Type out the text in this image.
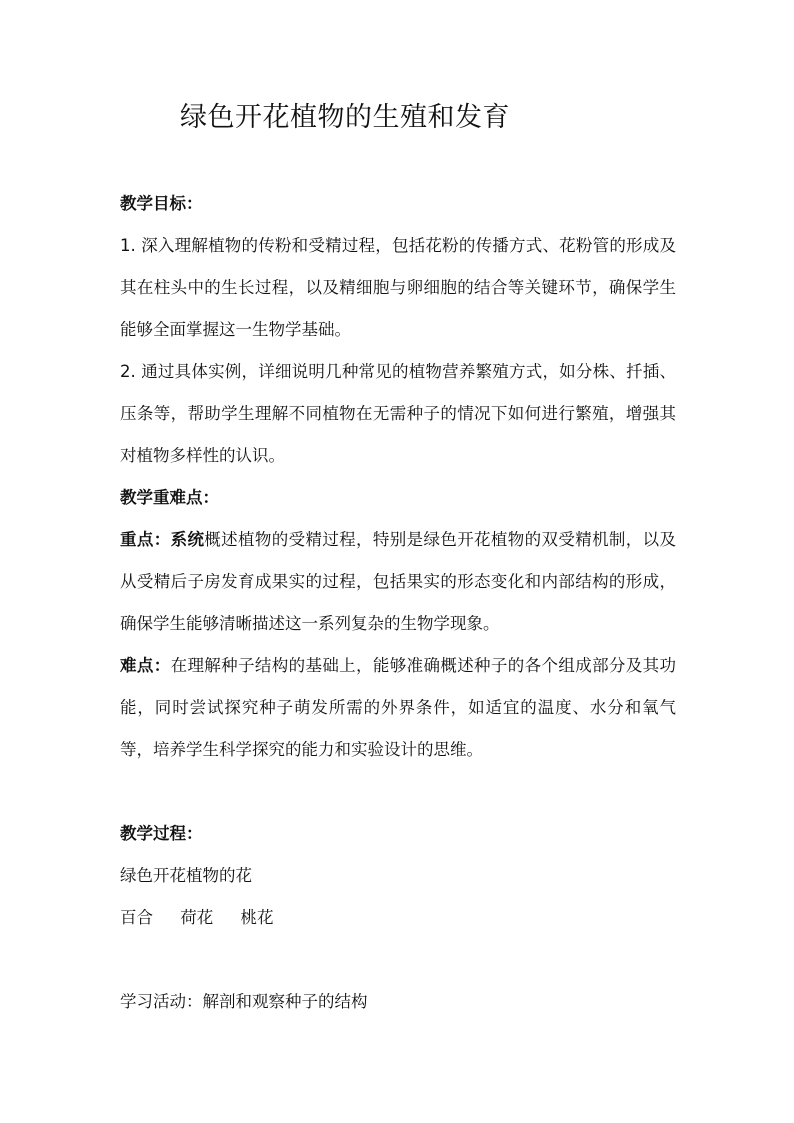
绿色开花植物的生殖和发育
教学目标：

1. 深入理解植物的传粉和受精过程，包括花粉的传播方式、花粉管的形成及其在柱头中的生长过程，以及精细胞与卵细胞的结合等关键环节，确保学生能够全面掌握这一生物学基础。

2. 通过具体实例，详细说明几种常见的植物营养繁殖方式，如分株、扦插、压条等，帮助学生理解不同植物在无需种子的情况下如何进行繁殖，增强其对植物多样性的认识。

教学重难点：

重点：系统概述植物的受精过程，特别是绿色开花植物的双受精机制，以及从受精后子房发育成果实的过程，包括果实的形态变化和内部结构的形成，确保学生能够清晰描述这一系列复杂的生物学现象。

难点：在理解种子结构的基础上，能够准确概述种子的各个组成部分及其功能，同时尝试探究种子萌发所需的外界条件，如适宜的温度、水分和氧气等，培养学生科学探究的能力和实验设计的思维。

教学过程：
绿色开花植物的花
百合 荷花 桃花
学习活动：解剖和观察种子的结构
